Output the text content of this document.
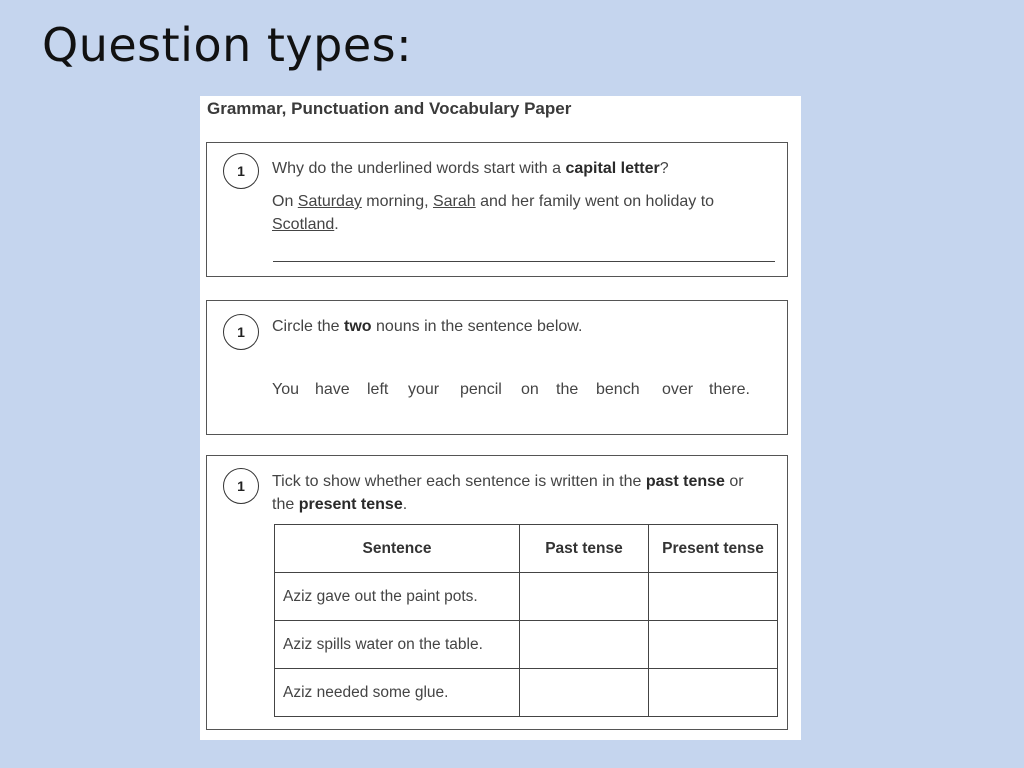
Question types:
Grammar, Punctuation and Vocabulary Paper
1	Why do the underlined words start with a capital letter?
On Saturday morning, Sarah and her family went on holiday to
Scotland.
1	Circle the two nouns in the sentence below.
You have left your pencil on the bench over there.
1	Tick to show whether each sentence is written in the past tense or
the present tense.
Sentence	Past tense	Present tense
Aziz gave out the paint pots.		
Aziz spills water on the table.		
Aziz needed some glue.		
